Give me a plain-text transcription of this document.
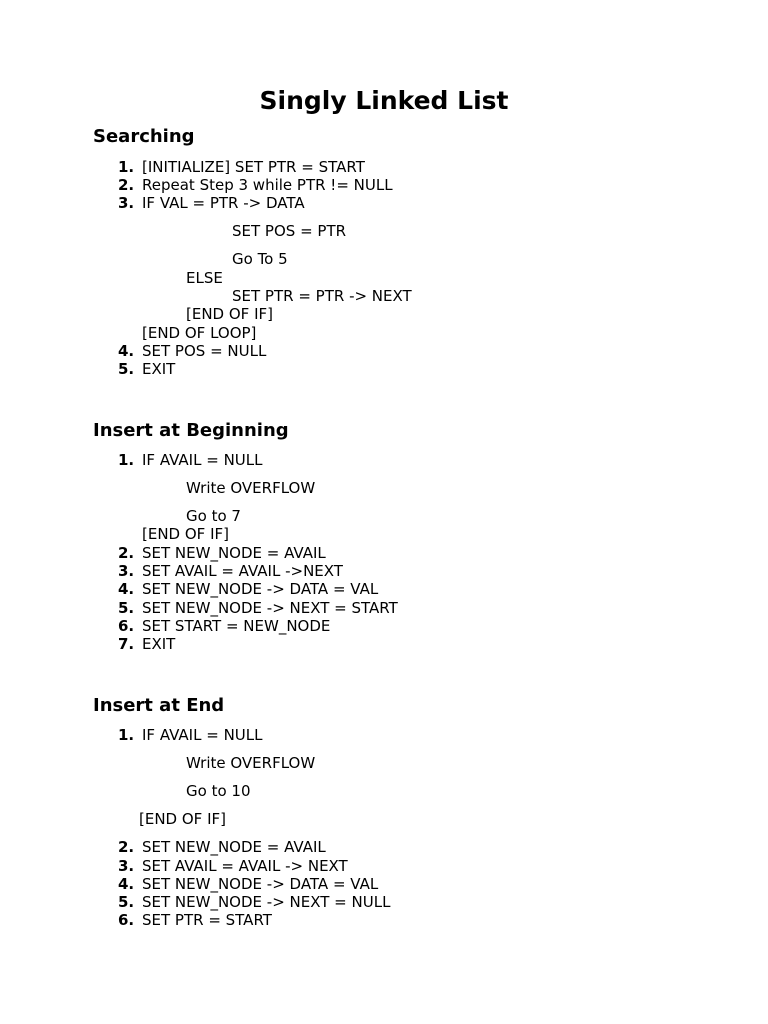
Singly Linked List
Searching
1. [INITIALIZE] SET PTR = START
2. Repeat Step 3 while PTR != NULL
3. IF VAL = PTR -> DATA
SET POS = PTR
Go To 5
ELSE
SET PTR = PTR -> NEXT
[END OF IF]
[END OF LOOP]
4. SET POS = NULL
5. EXIT
Insert at Beginning
1. IF AVAIL = NULL
Write OVERFLOW
Go to 7
[END OF IF]
2. SET NEW_NODE = AVAIL
3. SET AVAIL = AVAIL ->NEXT
4. SET NEW_NODE -> DATA = VAL
5. SET NEW_NODE -> NEXT = START
6. SET START = NEW_NODE
7. EXIT
Insert at End
1. IF AVAIL = NULL
Write OVERFLOW
Go to 10
[END OF IF]
2. SET NEW_NODE = AVAIL
3. SET AVAIL = AVAIL -> NEXT
4. SET NEW_NODE -> DATA = VAL
5. SET NEW_NODE -> NEXT = NULL
6. SET PTR = START
